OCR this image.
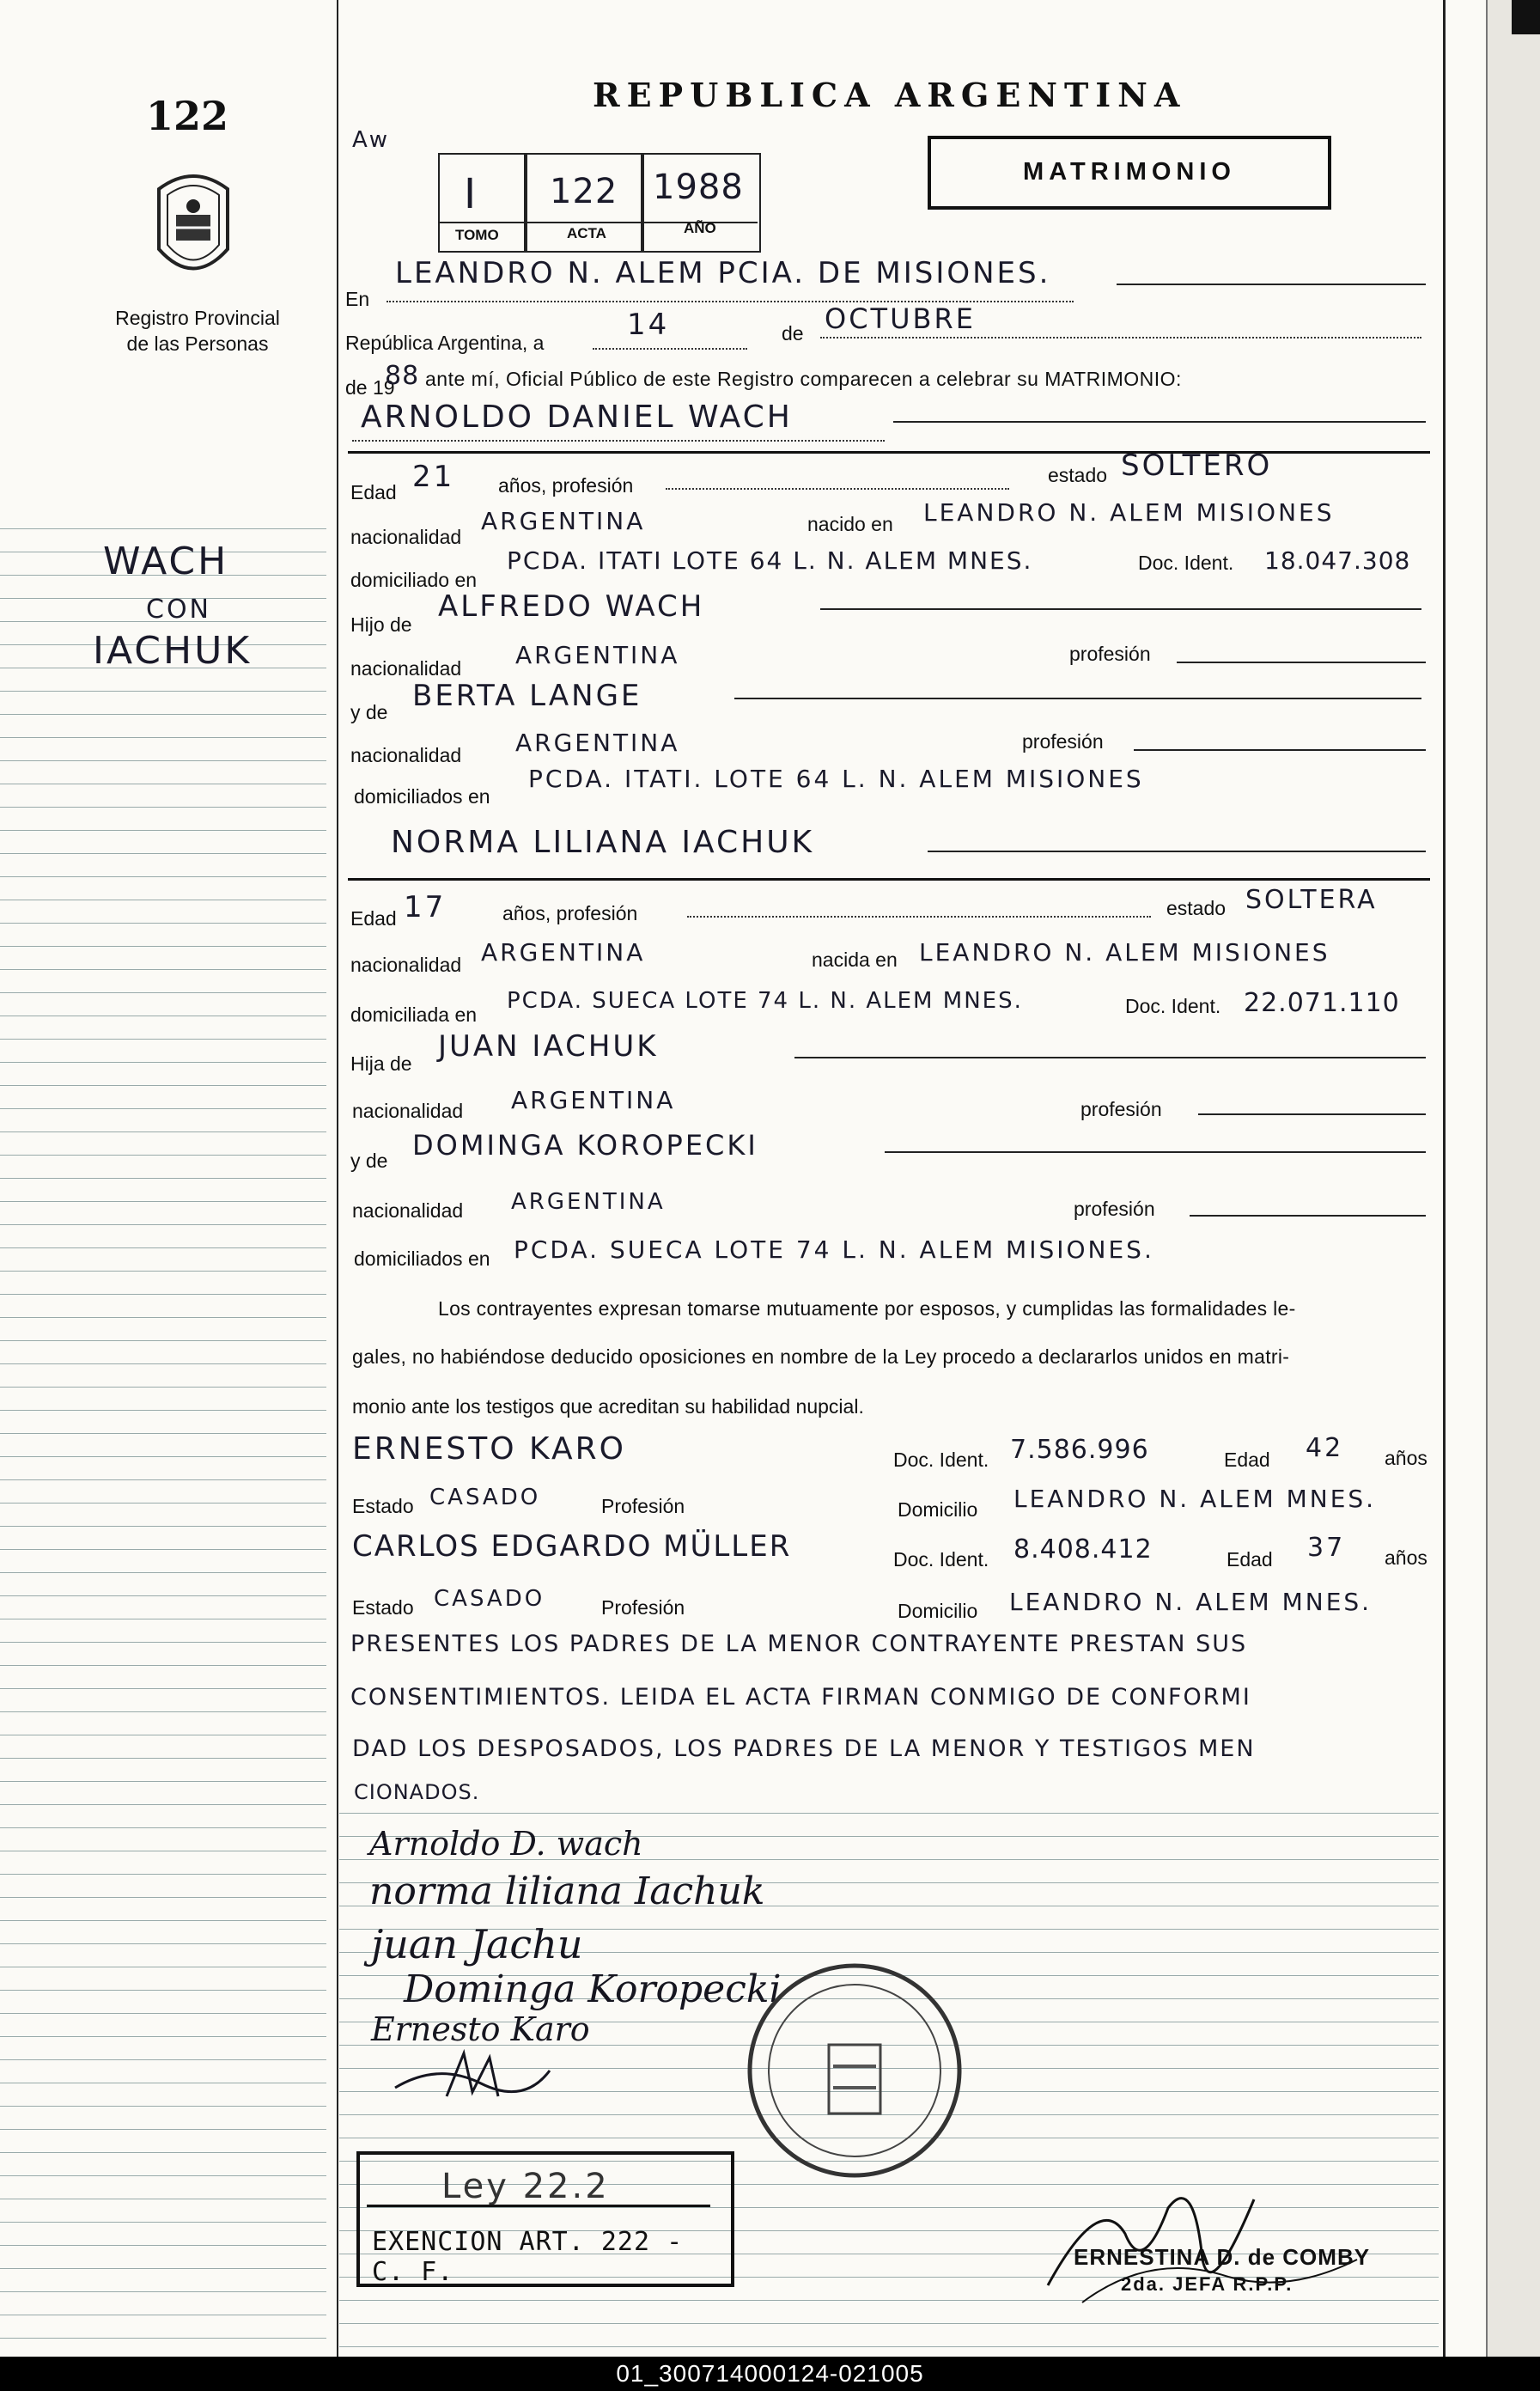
122
Aw
Registro Provincial
de las Personas
WACH
CON
IACHUK
REPUBLICA ARGENTINA
I 122 1988
TOMO	ACTA	AÑO
MATRIMONIO
En
LEANDRO N. ALEM PCIA. DE MISIONES.
República Argentina, a
14	de OCTUBRE
de 19
88 ante mí, Oficial Público de este Registro comparecen a celebrar su MATRIMONIO:
ARNOLDO DANIEL WACH
Edad 21 años, profesión	estado SOLTERO
nacionalidad
ARGENTINA	nacido en LEANDRO N. ALEM MISIONES
domiciliado en
PCDA. ITATI LOTE 64 L. N. ALEM MNES.	Doc. Ident. 18.047.308
Hijo de
ALFREDO WACH
nacionalidad ARGENTINA	profesión
y de BERTA LANGE
nacionalidad ARGENTINA	profesión
domiciliados en
PCDA. ITATI. LOTE 64 L. N. ALEM MISIONES
NORMA LILIANA IACHUK
Edad 17	años, profesión	estado SOLTERA
nacionalidad ARGENTINA	nacida en LEANDRO N. ALEM MISIONES
domiciliada en
PCDA. SUECA LOTE 74 L. N. ALEM MNES.	Doc. Ident. 22.071.110
Hija de JUAN IACHUK
nacionalidad ARGENTINA	profesión
y de DOMINGA KOROPECKI
nacionalidad ARGENTINA	profesión
domiciliados en PCDA. SUECA LOTE 74 L. N. ALEM MISIONES.
Los contrayentes expresan tomarse mutuamente por esposos, y cumplidas las formalidades le-
gales, no habiéndose deducido oposiciones en nombre de la Ley procedo a declararlos unidos en matri-
monio ante los testigos que acreditan su habilidad nupcial.
ERNESTO KARO	Doc. Ident. 7.586.996	Edad 42 años
Estado CASADO	Profesión	Domicilio LEANDRO N. ALEM MNES.
CARLOS EDGARDO MÜLLER	Doc. Ident. 8.408.412	Edad 37 años
Estado CASADO	Profesión	Domicilio LEANDRO N. ALEM MNES.
PRESENTES LOS PADRES DE LA MENOR CONTRAYENTE PRESTAN SUS
CONSENTIMIENTOS. LEIDA EL ACTA FIRMAN CONMIGO DE CONFORMI
DAD LOS DESPOSADOS, LOS PADRES DE LA MENOR Y TESTIGOS MEN
CIONADOS.
Arnoldo D. wach
norma liliana Iachuk
juan Jachu
Dominga Koropecki
Ernesto Karo
Ley 22.2
EXENCION ART. 222 - C. F.	ERNESTINA D. de COMBY
2da. JEFA R.P.P.
01_300714000124-021005
